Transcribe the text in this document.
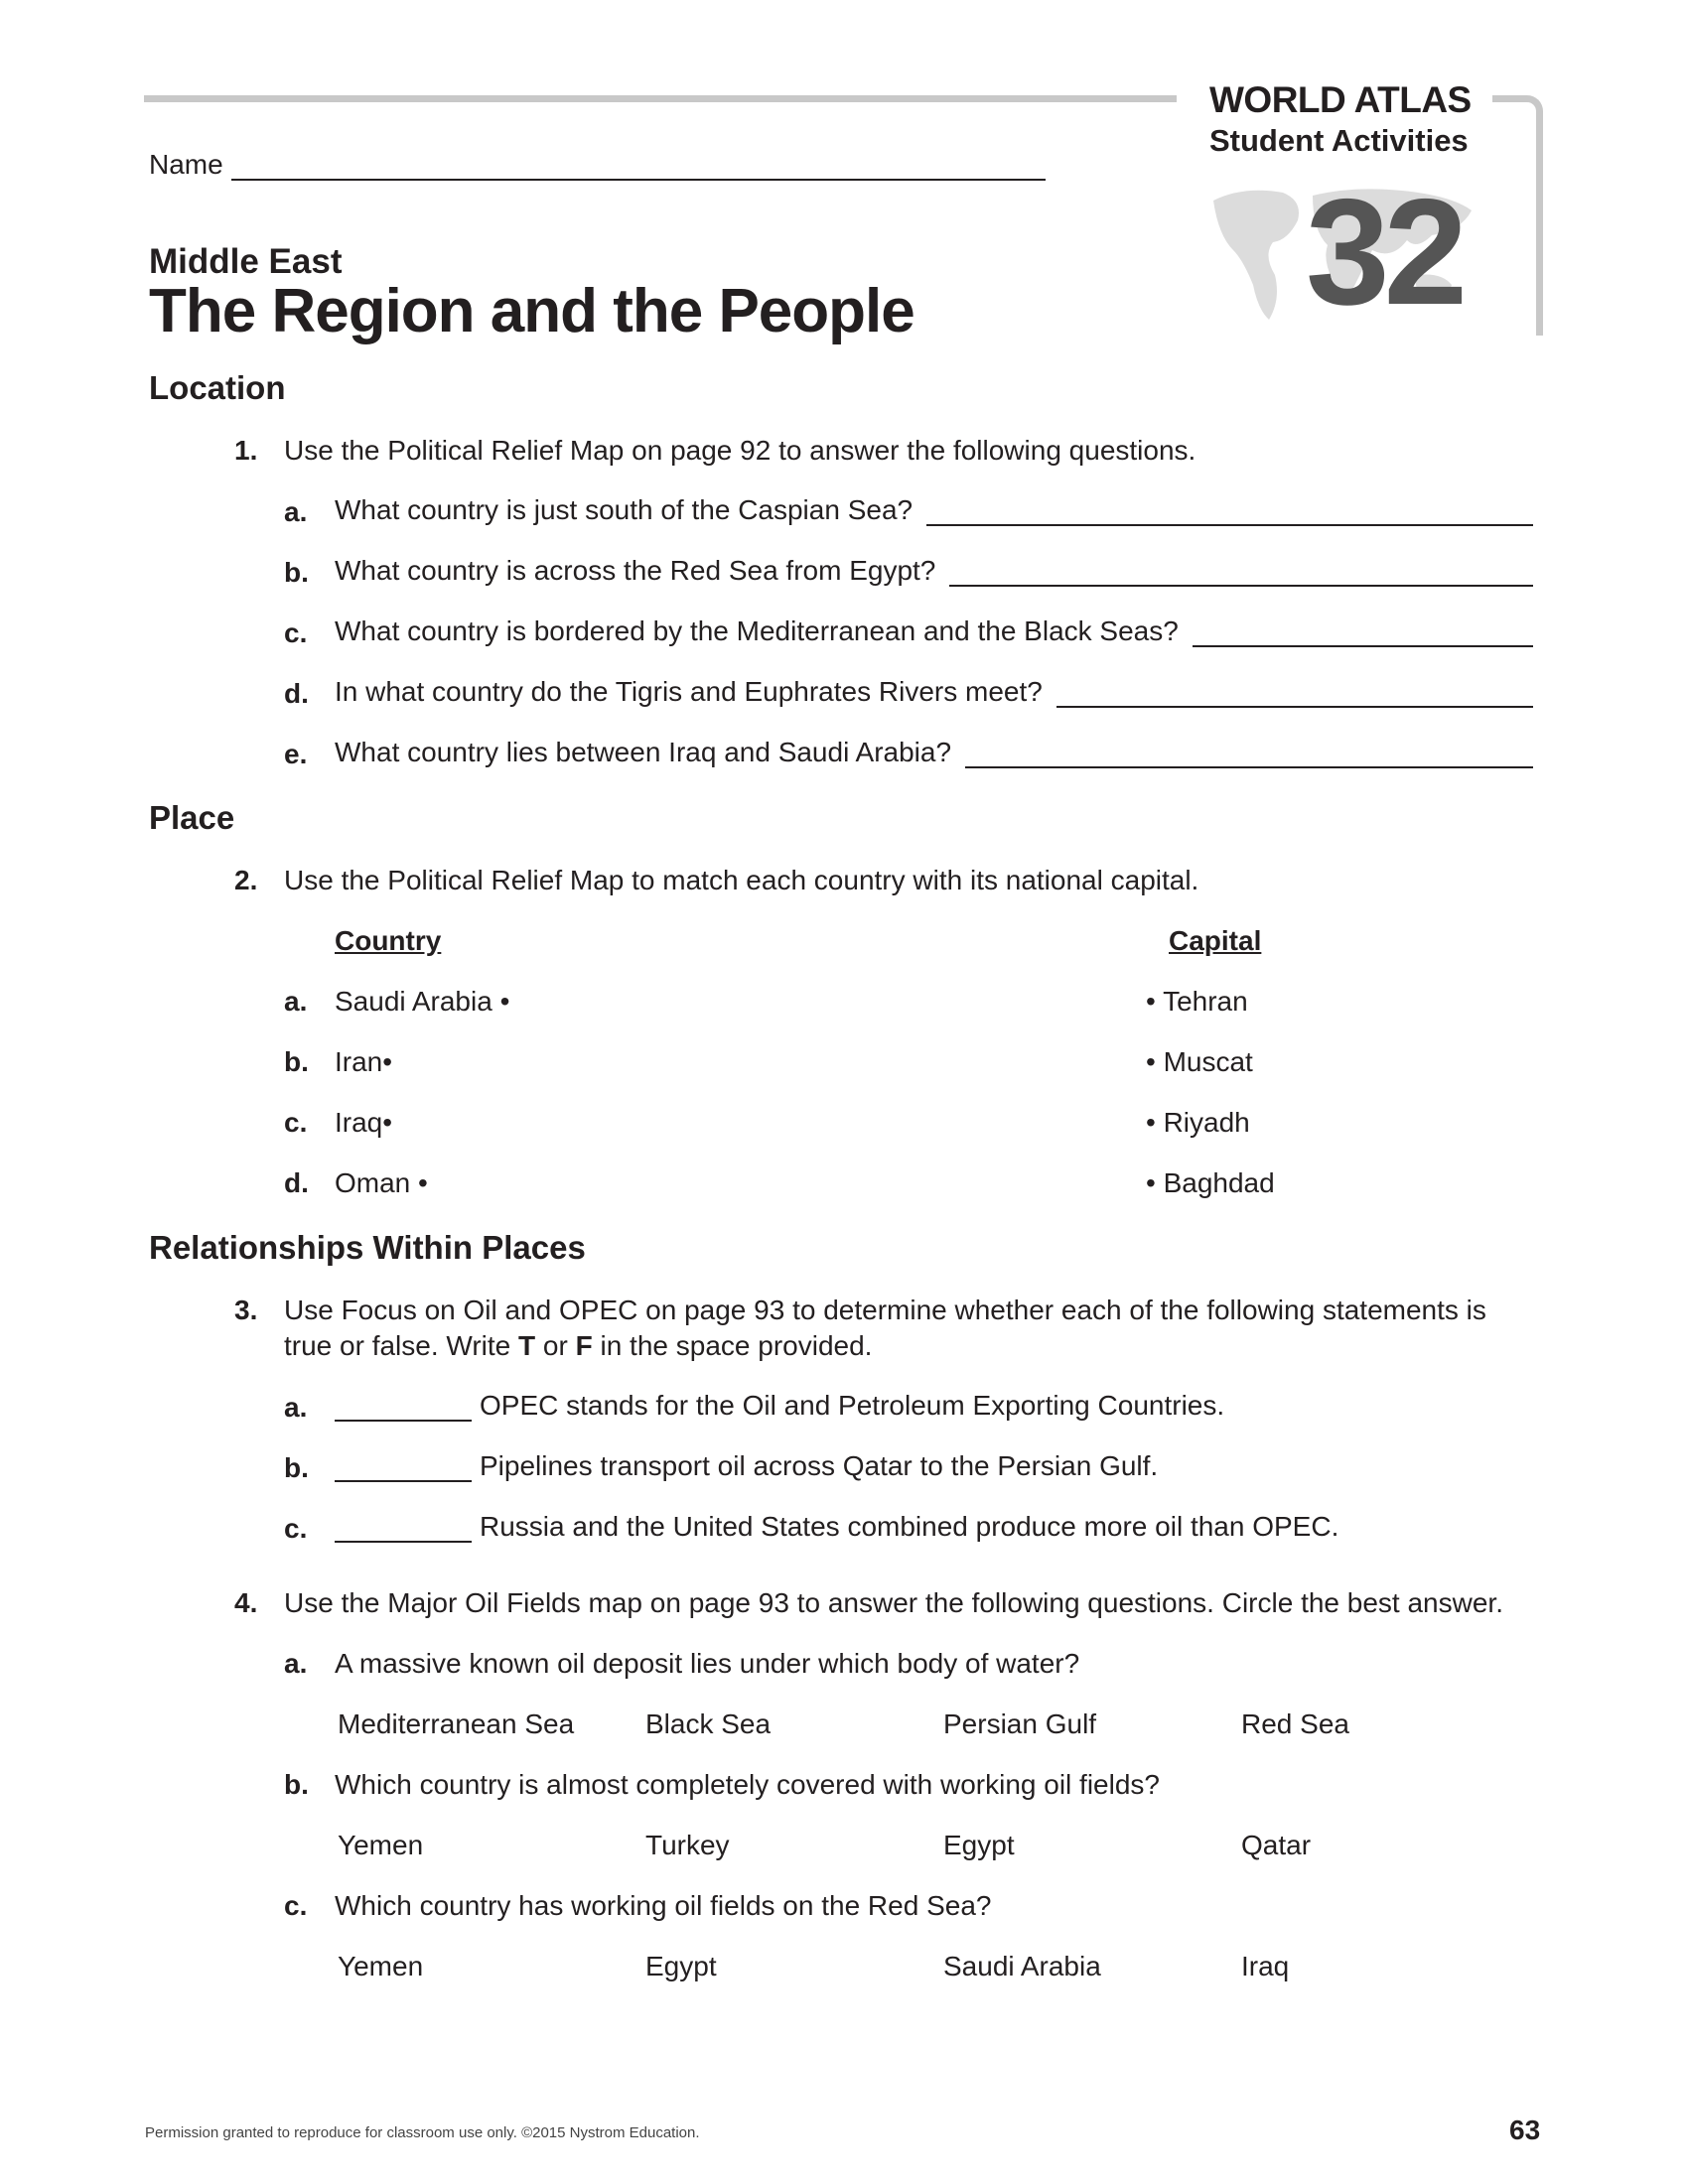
WORLD ATLAS
Student Activities
32
Name
Middle East
The Region and the People
Location
1. Use the Political Relief Map on page 92 to answer the following questions.
a. What country is just south of the Caspian Sea?
b. What country is across the Red Sea from Egypt?
c. What country is bordered by the Mediterranean and the Black Seas?
d. In what country do the Tigris and Euphrates Rivers meet?
e. What country lies between Iraq and Saudi Arabia?
Place
2. Use the Political Relief Map to match each country with its national capital.
Country	Capital
a. Saudi Arabia •	• Tehran
b. Iran•	• Muscat
c. Iraq•	• Riyadh
d. Oman •	• Baghdad
Relationships Within Places
3. Use Focus on Oil and OPEC on page 93 to determine whether each of the following statements is
true or false. Write T or F in the space provided.
a.	OPEC stands for the Oil and Petroleum Exporting Countries.
b.	Pipelines transport oil across Qatar to the Persian Gulf.
c.	Russia and the United States combined produce more oil than OPEC.
4. Use the Major Oil Fields map on page 93 to answer the following questions. Circle the best answer.
a. A massive known oil deposit lies under which body of water?
Mediterranean Sea	Black Sea	Persian Gulf	Red Sea
b. Which country is almost completely covered with working oil fields?
Yemen	Turkey	Egypt	Qatar
c. Which country has working oil fields on the Red Sea?
Yemen	Egypt	Saudi Arabia	Iraq
Permission granted to reproduce for classroom use only. ©2015 Nystrom Education.	63
